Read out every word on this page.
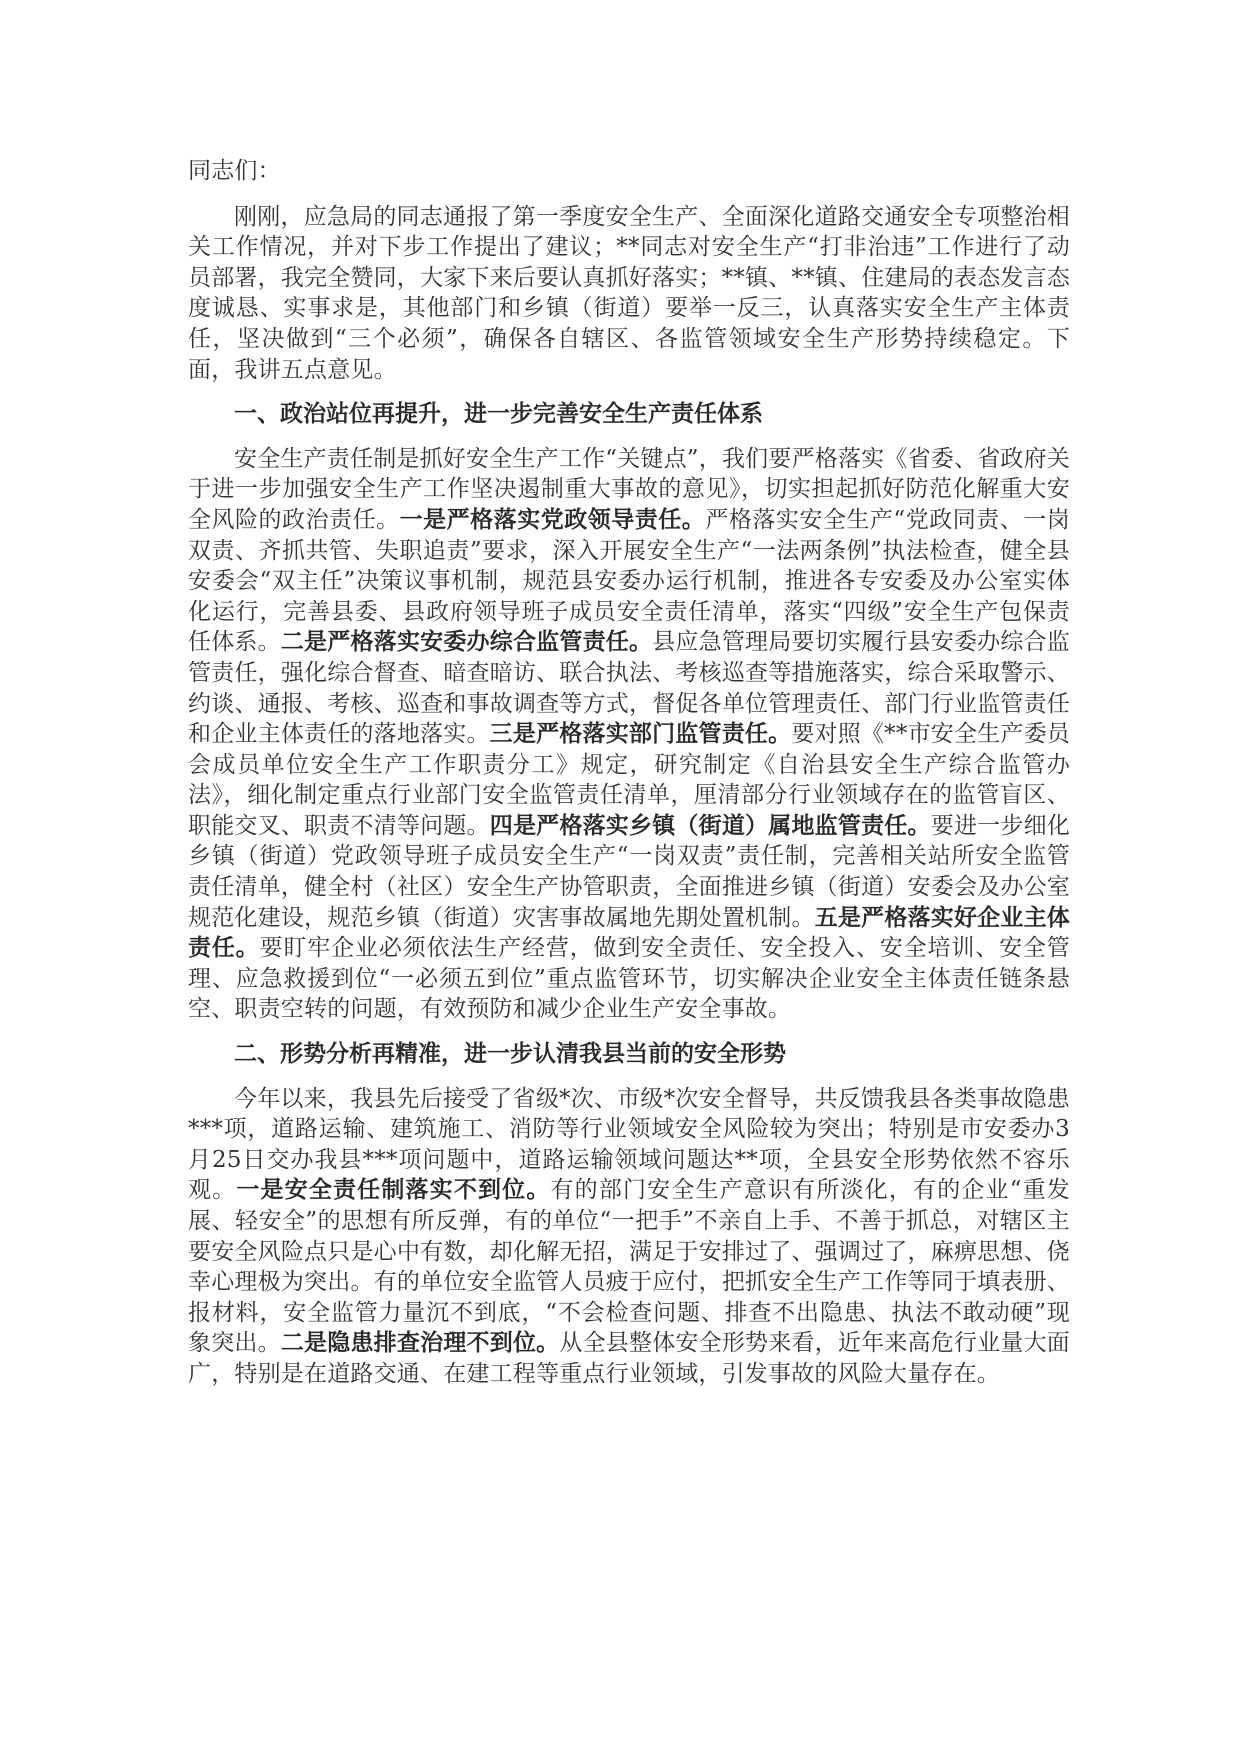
同志们：

刚刚，应急局的同志通报了第一季度安全生产、全面深化道路交通安全专项整治相关工作情况，并对下步工作提出了建议；**同志对安全生产“打非治违”工作进行了动员部署，我完全赞同，大家下来后要认真抓好落实；**镇、**镇、住建局的表态发言态度诚恳、实事求是，其他部门和乡镇（街道）要举一反三，认真落实安全生产主体责任，坚决做到“三个必须”，确保各自辖区、各监管领域安全生产形势持续稳定。下面，我讲五点意见。

一、政治站位再提升，进一步完善安全生产责任体系

安全生产责任制是抓好安全生产工作“关键点”，我们要严格落实《省委、省政府关于进一步加强安全生产工作坚决遏制重大事故的意见》，切实担起抓好防范化解重大安全风险的政治责任。一是严格落实党政领导责任。严格落实安全生产“党政同责、一岗双责、齐抓共管、失职追责”要求，深入开展安全生产“一法两条例”执法检查，健全县安委会“双主任”决策议事机制，规范县安委办运行机制，推进各专安委及办公室实体化运行，完善县委、县政府领导班子成员安全责任清单，落实“四级”安全生产包保责任体系。二是严格落实安委办综合监管责任。县应急管理局要切实履行县安委办综合监管责任，强化综合督查、暗查暗访、联合执法、考核巡查等措施落实，综合采取警示、约谈、通报、考核、巡查和事故调查等方式，督促各单位管理责任、部门行业监管责任和企业主体责任的落地落实。三是严格落实部门监管责任。要对照《**市安全生产委员会成员单位安全生产工作职责分工》规定，研究制定《自治县安全生产综合监管办法》，细化制定重点行业部门安全监管责任清单，厘清部分行业领域存在的监管盲区、职能交叉、职责不清等问题。四是严格落实乡镇（街道）属地监管责任。要进一步细化乡镇（街道）党政领导班子成员安全生产“一岗双责”责任制，完善相关站所安全监管责任清单，健全村（社区）安全生产协管职责，全面推进乡镇（街道）安委会及办公室规范化建设，规范乡镇（街道）灾害事故属地先期处置机制。五是严格落实好企业主体责任。要盯牢企业必须依法生产经营，做到安全责任、安全投入、安全培训、安全管理、应急救援到位“一必须五到位”重点监管环节，切实解决企业安全主体责任链条悬空、职责空转的问题，有效预防和减少企业生产安全事故。

二、形势分析再精准，进一步认清我县当前的安全形势

今年以来，我县先后接受了省级*次、市级*次安全督导，共反馈我县各类事故隐患***项，道路运输、建筑施工、消防等行业领域安全风险较为突出；特别是市安委办3月25日交办我县***项问题中，道路运输领域问题达**项，全县安全形势依然不容乐观。一是安全责任制落实不到位。有的部门安全生产意识有所淡化，有的企业“重发展、轻安全”的思想有所反弹，有的单位“一把手”不亲自上手、不善于抓总，对辖区主要安全风险点只是心中有数，却化解无招，满足于安排过了、强调过了，麻痹思想、侥幸心理极为突出。有的单位安全监管人员疲于应付，把抓安全生产工作等同于填表册、报材料，安全监管力量沉不到底，“不会检查问题、排查不出隐患、执法不敢动硬”现象突出。二是隐患排查治理不到位。从全县整体安全形势来看，近年来高危行业量大面广，特别是在道路交通、在建工程等重点行业领域，引发事故的风险大量存在。
